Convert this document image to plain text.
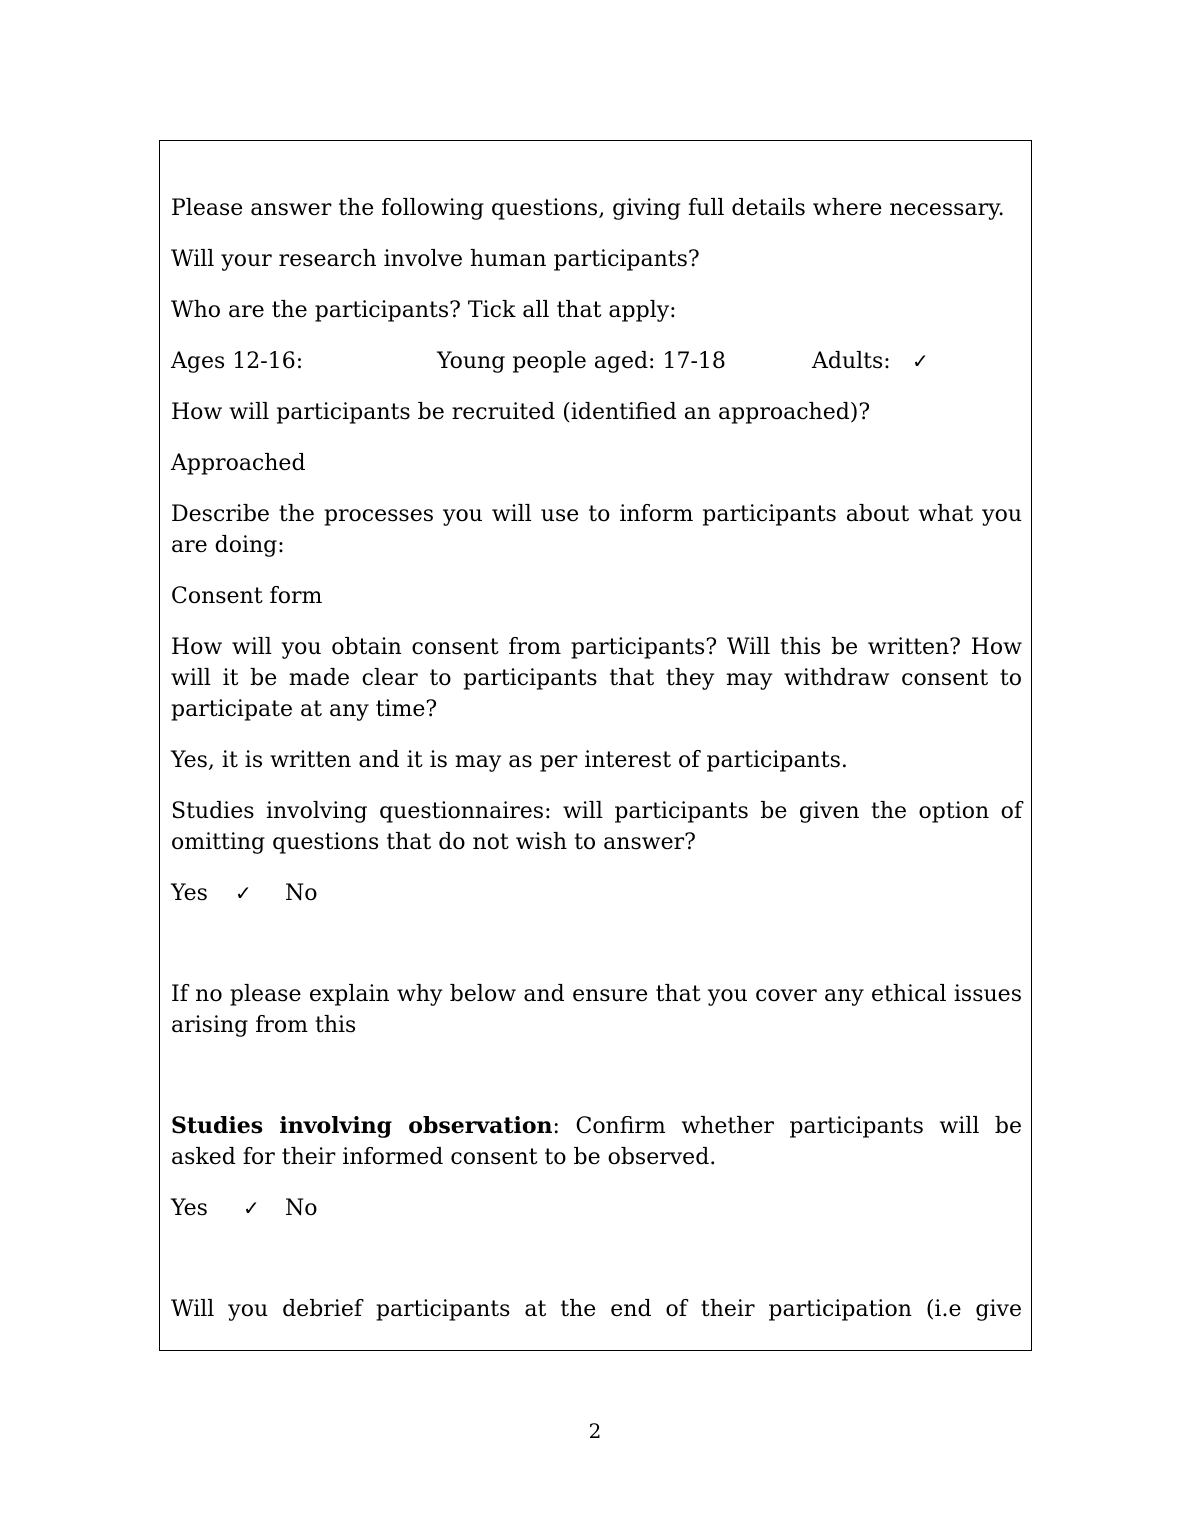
Please answer the following questions, giving full details where necessary.

Will your research involve human participants?

Who are the participants? Tick all that apply:

Ages 12-16:	Young people aged: 17-18	Adults: ✓

How will participants be recruited (identified an approached)?

Approached

Describe the processes you will use to inform participants about what you are doing:

Consent form

How will you obtain consent from participants? Will this be written? How will it be made clear to participants that they may withdraw consent to participate at any time?

Yes, it is written and it is may as per interest of participants.

Studies involving questionnaires: will participants be given the option of omitting questions that do not wish to answer?

Yes ✓ No

If no please explain why below and ensure that you cover any ethical issues arising from this

Studies involving observation: Confirm whether participants will be asked for their informed consent to be observed.

Yes ✓ No

Will you debrief participants at the end of their participation (i.e give

2
